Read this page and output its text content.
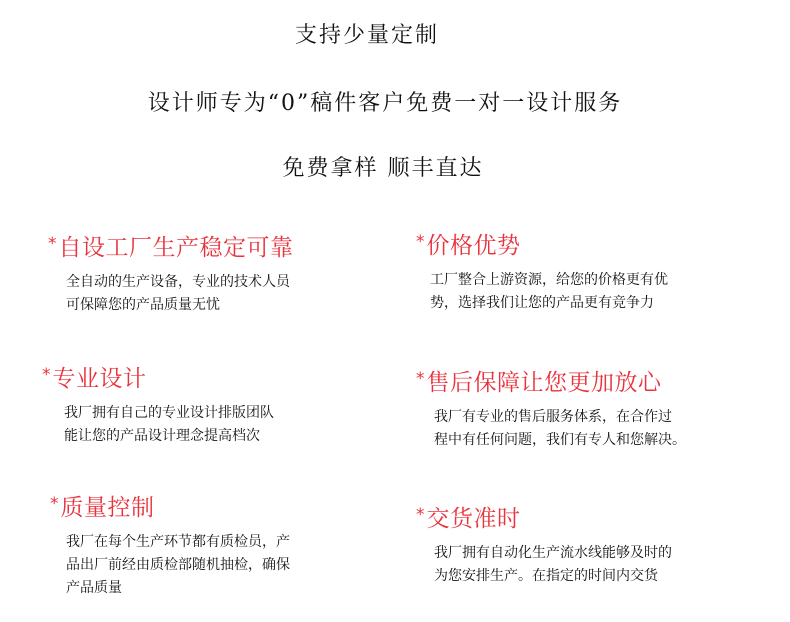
支持少量定制
设计师专为“0”稿件客户免费一对一设计服务
免费拿样 顺丰直达
* 自设工厂生产稳定可靠

全自动的生产设备，专业的技术人员

可保障您的产品质量无忧

* 价格优势

工厂整合上游资源，给您的价格更有优

势，选择我们让您的产品更有竞争力

* 专业设计

我厂拥有自己的专业设计排版团队

能让您的产品设计理念提高档次

* 售后保障让您更加放心

我厂有专业的售后服务体系，在合作过

程中有任何问题，我们有专人和您解决。

* 质量控制

我厂在每个生产环节都有质检员，产

品出厂前经由质检部随机抽检，确保

产品质量

* 交货准时

我厂拥有自动化生产流水线能够及时的

为您安排生产。在指定的时间内交货
